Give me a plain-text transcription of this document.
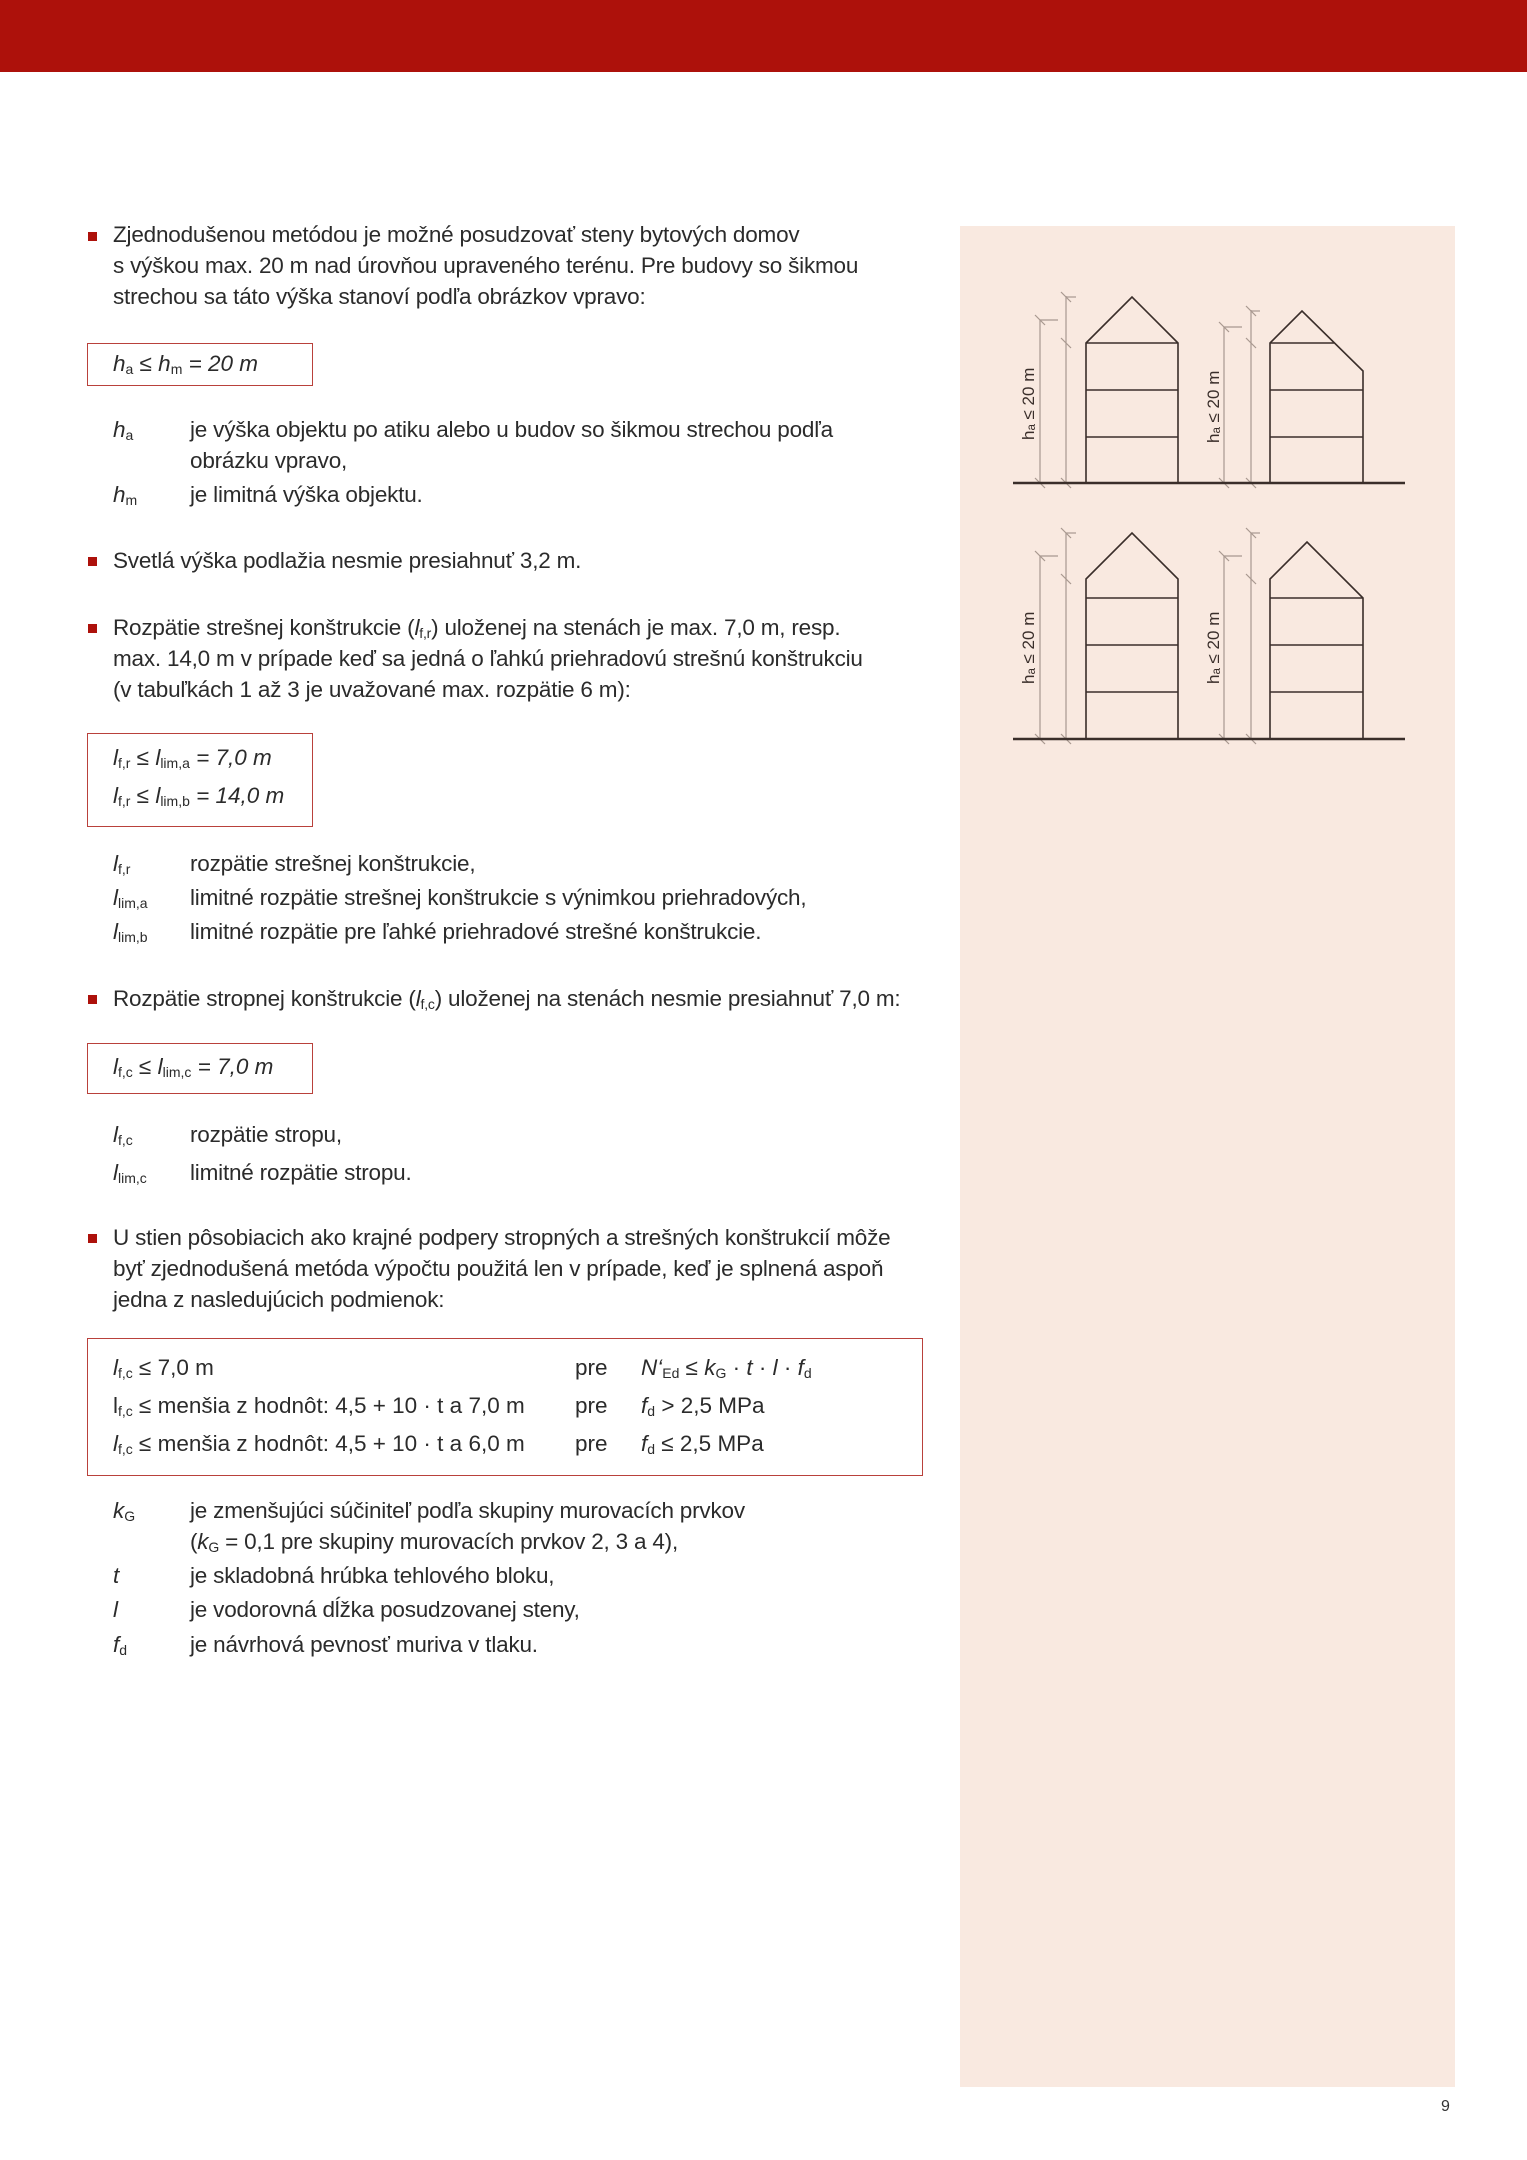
Zjednodušenou metódou je možné posudzovať steny bytových domov
s výškou max. 20 m nad úrovňou upraveného terénu. Pre budovy so šikmou
strechou sa táto výška stanoví podľa obrázkov vpravo:
$h_a \le h_m = 20$ m
$h_a$	je výška objektu po atiku alebo u budov so šikmou strechou podľa
obrázku vpravo,
$h_m$ je limitná výška objektu.
Svetlá výška podlažia nesmie presiahnuť 3,2 m.
Rozpätie strešnej konštrukcie $(l_{f,r})$ uloženej na stenách je max. 7,0 m, resp.
max. 14,0 m v prípade keď sa jedná o ľahkú priehradovú strešnú konštrukciu
(v tabuľkách 1 až 3 je uvažované max. rozpätie 6 m):
$l_{f,r} \le l_{lim,a} = 7,0$ m
$l_{f,r} \le l_{lim,b} = 14,0$ m
$l_{f,r}$	rozpätie strešnej konštrukcie,
$l_{lim,a}$ limitné rozpätie strešnej konštrukcie s výnimkou priehradových,
$l_{lim,b}$ limitné rozpätie pre ľahké priehradové strešné konštrukcie.
Rozpätie stropnej konštrukcie $(l_{f,c})$ uloženej na stenách nesmie presiahnuť 7,0 m:
$l_{f,c} \le l_{lim,c} = 7,0$ m
$l_{f,c}$	rozpätie stropu,
$l_{lim,c}$ limitné rozpätie stropu.
U stien pôsobiacich ako krajné podpery stropných a strešných konštrukcií môže
byť zjednodušená metóda výpočtu použitá len v prípade, keď je splnená aspoň
jedna z nasledujúcich podmienok:
$l_{f,c} \le 7,0$ m	pre $N‘_{Ed} \le k_G \cdot t \cdot l \cdot f_d$
$l_{f,c}$ ≤ menšia z hodnôt: 4,5 + 10 · t a 7,0 m pre $f_d > 2,5$ MPa
$l_{f,c}$ ≤ menšia z hodnôt: 4,5 + 10 · t a 6,0 m pre $f_d \le 2,5$ MPa
$k_G$ je zmenšujúci súčiniteľ podľa skupiny murovacích prvkov
($k_G = 0,1$ pre skupiny murovacích prvkov 2, 3 a 4),
t	je skladobná hrúbka tehlového bloku,
l	je vodorovná dĺžka posudzovanej steny,
$f_d$	je návrhová pevnosť muriva v tlaku.
hₐ ≤ 20 m	hₐ ≤ 20 m
hₐ ≤ 20 m	hₐ ≤ 20 m
9
